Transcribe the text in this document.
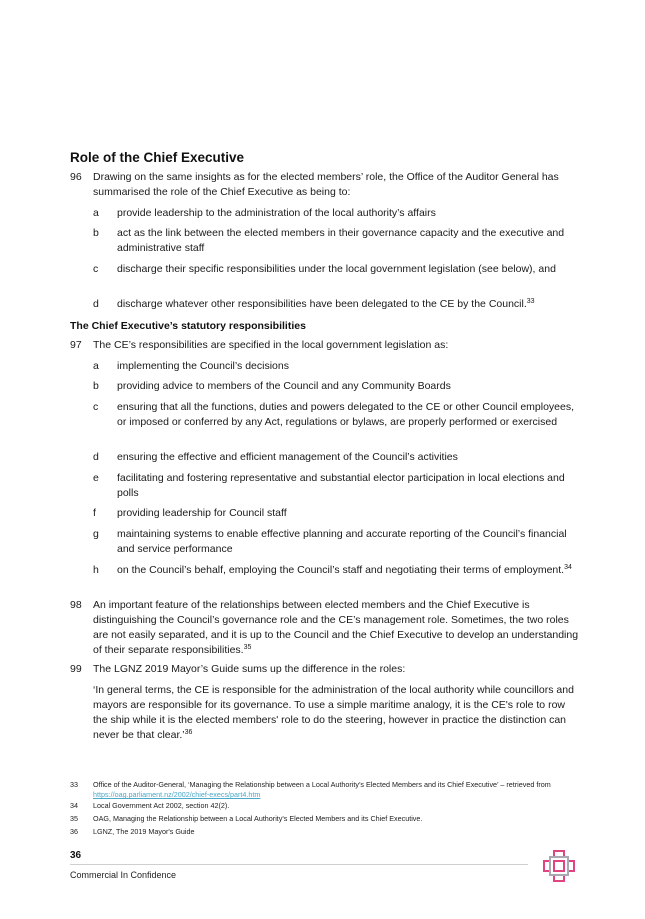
Role of the Chief Executive
96	Drawing on the same insights as for the elected members’ role, the Office of the Auditor General has summarised the role of the Chief Executive as being to:
a	provide leadership to the administration of the local authority’s affairs
b	act as the link between the elected members in their governance capacity and the executive and administrative staff
c	discharge their specific responsibilities under the local government legislation (see below), and
d	discharge whatever other responsibilities have been delegated to the CE by the Council.$^{33}$
The Chief Executive’s statutory responsibilities
97	The CE’s responsibilities are specified in the local government legislation as:
a	implementing the Council’s decisions
b	providing advice to members of the Council and any Community Boards
c	ensuring that all the functions, duties and powers delegated to the CE or other Council employees, or imposed or conferred by any Act, regulations or bylaws, are properly performed or exercised
d	ensuring the effective and efficient management of the Council’s activities
e	facilitating and fostering representative and substantial elector participation in local elections and polls
f	providing leadership for Council staff
g	maintaining systems to enable effective planning and accurate reporting of the Council’s financial and service performance
h	on the Council’s behalf, employing the Council’s staff and negotiating their terms of employment.$^{34}$
98	An important feature of the relationships between elected members and the Chief Executive is distinguishing the Council’s governance role and the CE’s management role. Sometimes, the two roles are not easily separated, and it is up to the Council and the Chief Executive to develop an understanding of their separate responsibilities.$^{35}$
99	The LGNZ 2019 Mayor’s Guide sums up the difference in the roles:
‘In general terms, the CE is responsible for the administration of the local authority while councillors and mayors are responsible for its governance. To use a simple maritime analogy, it is the CE's role to row the ship while it is the elected members' role to do the steering, however in practice the distinction can never be that clear.’$^{36}$
33	Office of the Auditor-General, ‘Managing the Relationship between a Local Authority’s Elected Members and its Chief Executive’ – retrieved from https://oag.parliament.nz/2002/chief-execs/part4.htm
34	Local Government Act 2002, section 42(2).
35	OAG, Managing the Relationship between a Local Authority's Elected Members and its Chief Executive.
36	LGNZ, The 2019 Mayor's Guide
36
Commercial In Confidence
